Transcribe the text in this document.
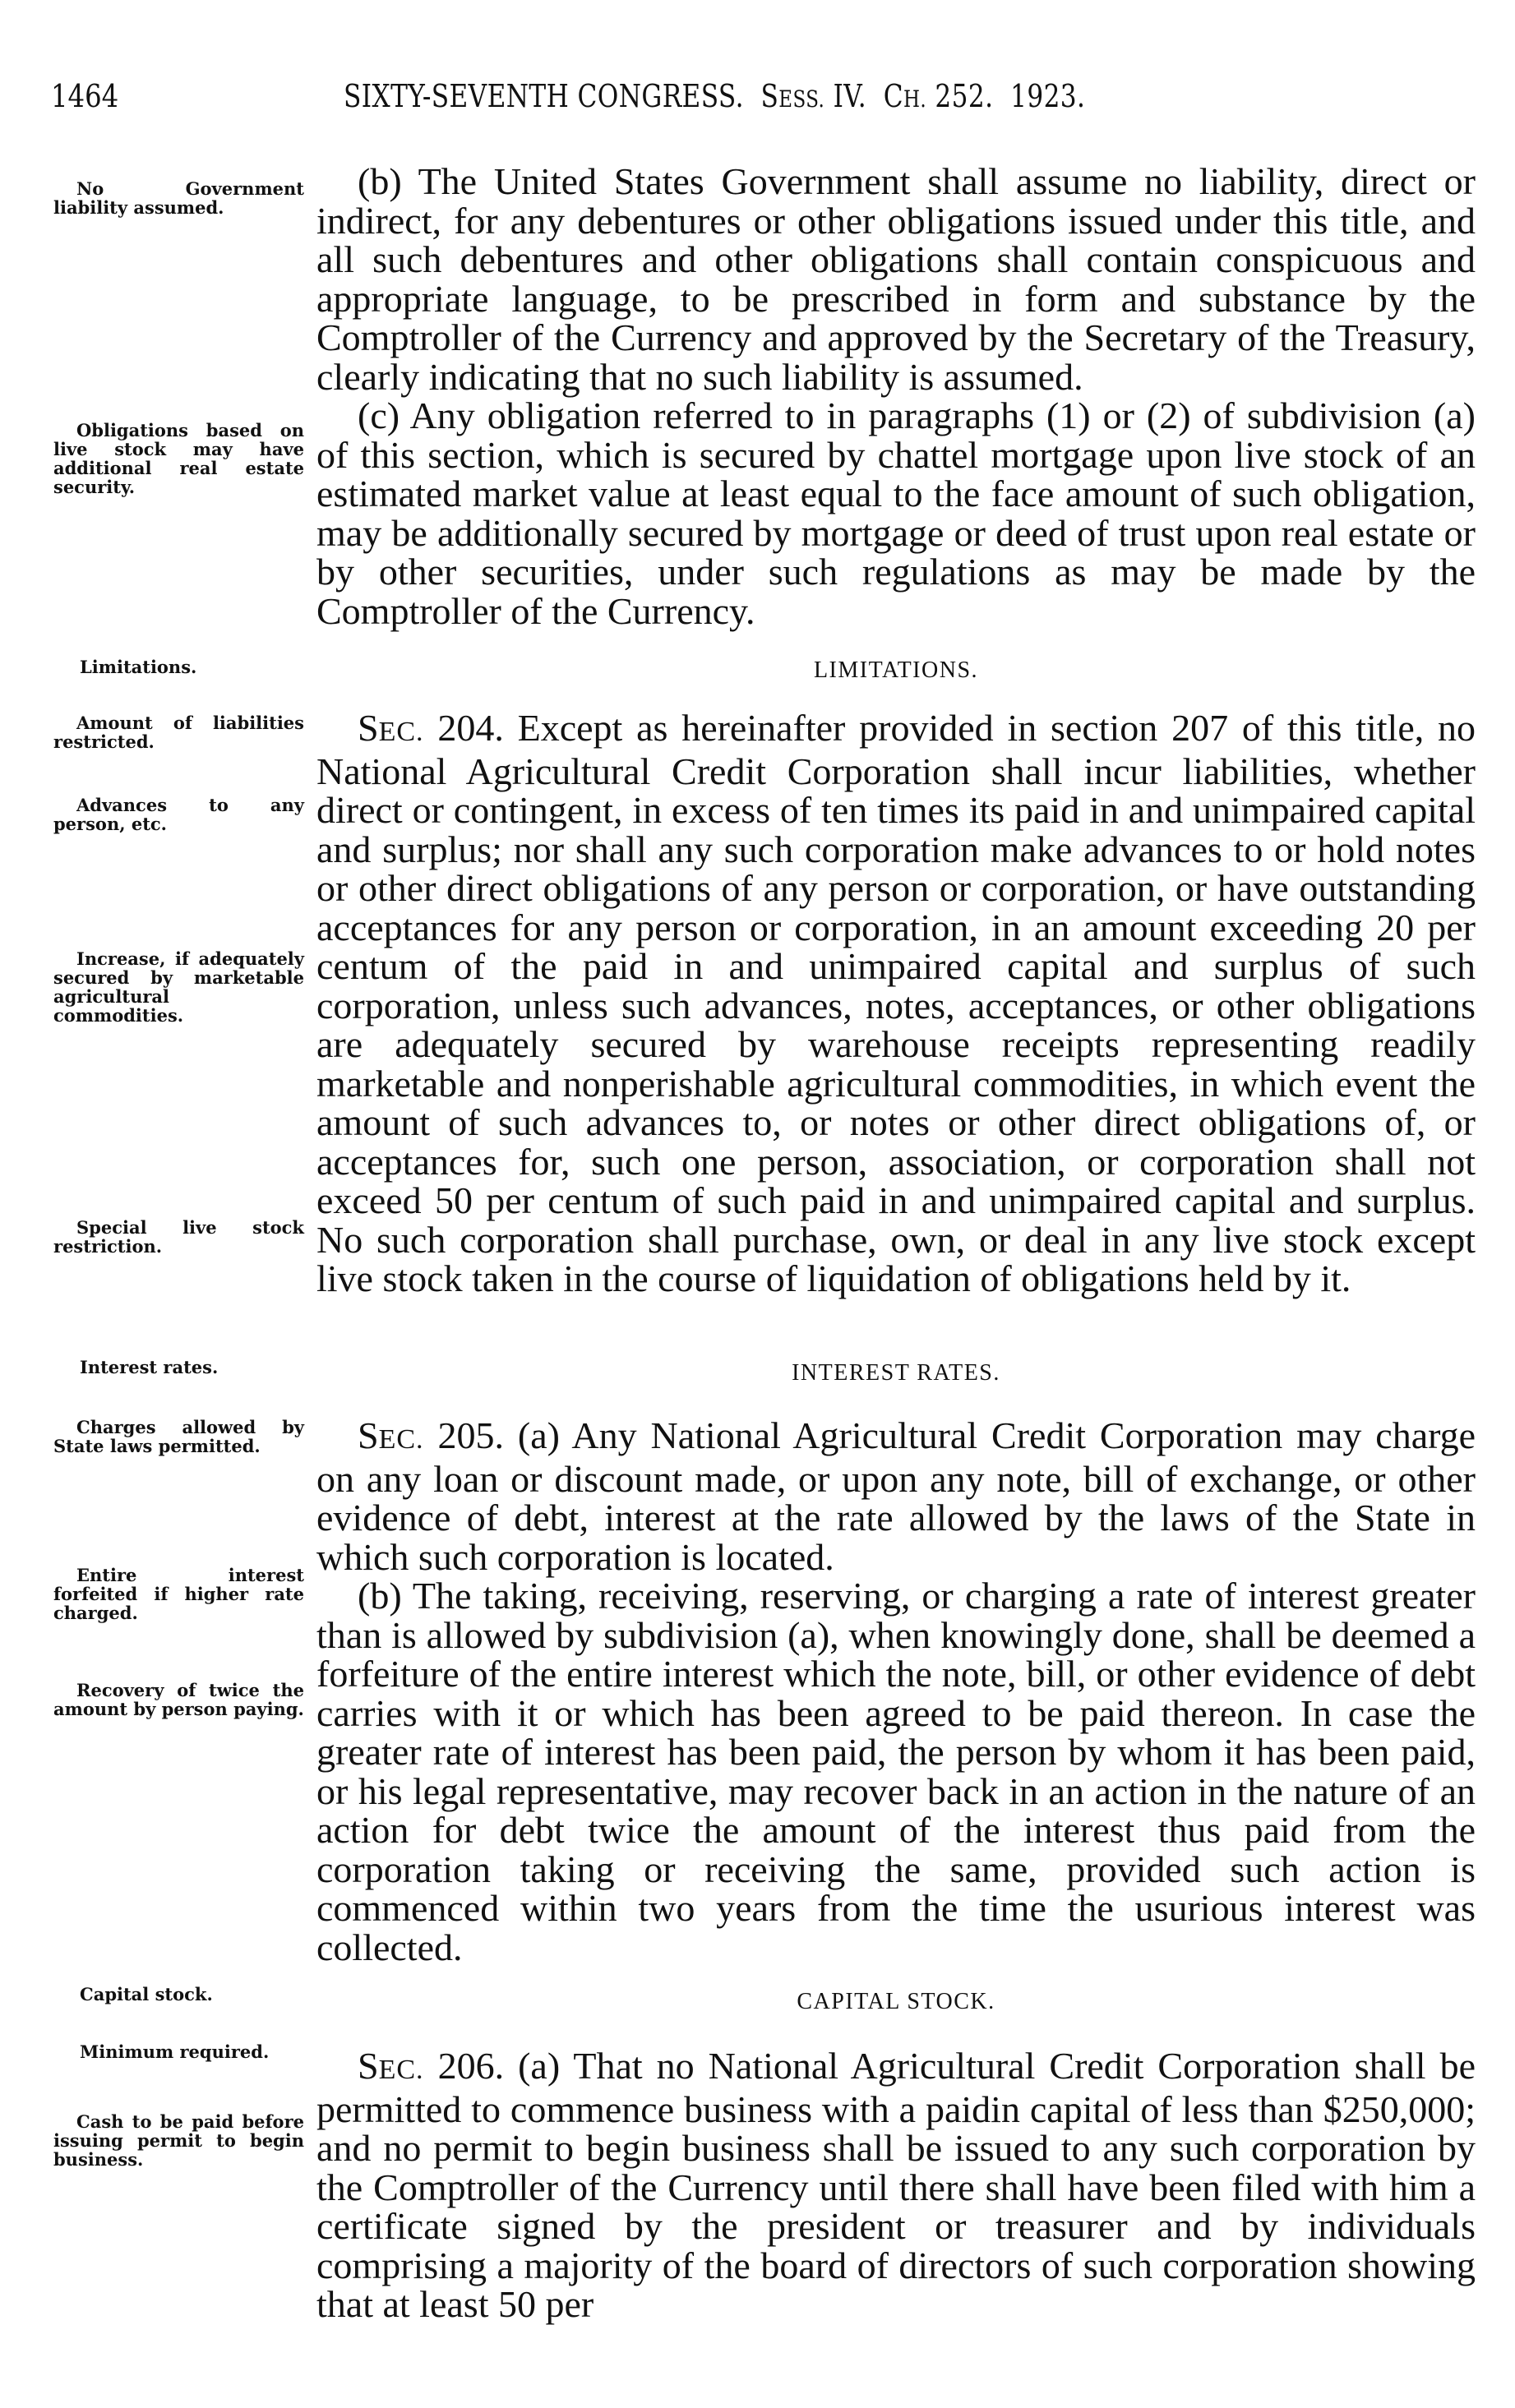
1464	SIXTY-SEVENTH CONGRESS. SESS. IV. CH. 252. 1923.
No Government liability assumed.
Obligations based on live stock may have additional real estate security.
Limitations.
Amount of liabilities restricted.
Advances to any person, etc.
Increase, if adequately secured by marketable agricultural commodities.
Special live stock restriction.
Interest rates.
Charges allowed by State laws permitted.
Entire interest forfeited if higher rate charged.
Recovery of twice the amount by person paying.
Capital stock.
Minimum required.
Cash to be paid before issuing permit to begin business.

(b) The United States Government shall assume no liability, direct or indirect, for any debentures or other obligations issued under this title, and all such debentures and other obligations shall contain conspicuous and appropriate language, to be prescribed in form and substance by the Comptroller of the Currency and approved by the Secretary of the Treasury, clearly indicating that no such liability is assumed.

(c) Any obligation referred to in paragraphs (1) or (2) of subdivision (a) of this section, which is secured by chattel mortgage upon live stock of an estimated market value at least equal to the face amount of such obligation, may be additionally secured by mortgage or deed of trust upon real estate or by other securities, under such regulations as may be made by the Comptroller of the Currency.

LIMITATIONS.

SEC. 204. Except as hereinafter provided in section 207 of this title, no National Agricultural Credit Corporation shall incur liabilities, whether direct or contingent, in excess of ten times its paid in and unimpaired capital and surplus; nor shall any such corporation make advances to or hold notes or other direct obligations of any person or corporation, or have outstanding acceptances for any person or corporation, in an amount exceeding 20 per centum of the paid in and unimpaired capital and surplus of such corporation, unless such advances, notes, acceptances, or other obligations are adequately secured by warehouse receipts representing readily marketable and nonperishable agricultural commodities, in which event the amount of such advances to, or notes or other direct obligations of, or acceptances for, such one person, association, or corporation shall not exceed 50 per centum of such paid in and unimpaired capital and surplus. No such corporation shall purchase, own, or deal in any live stock except live stock taken in the course of liquidation of obligations held by it.

INTEREST RATES.

SEC. 205. (a) Any National Agricultural Credit Corporation may charge on any loan or discount made, or upon any note, bill of exchange, or other evidence of debt, interest at the rate allowed by the laws of the State in which such corporation is located.

(b) The taking, receiving, reserving, or charging a rate of interest greater than is allowed by subdivision (a), when knowingly done, shall be deemed a forfeiture of the entire interest which the note, bill, or other evidence of debt carries with it or which has been agreed to be paid thereon. In case the greater rate of interest has been paid, the person by whom it has been paid, or his legal representative, may recover back in an action in the nature of an action for debt twice the amount of the interest thus paid from the corporation taking or receiving the same, provided such action is commenced within two years from the time the usurious interest was collected.

CAPITAL STOCK.

SEC. 206. (a) That no National Agricultural Credit Corporation shall be permitted to commence business with a paidin capital of less than $250,000; and no permit to begin business shall be issued to any such corporation by the Comptroller of the Currency until there shall have been filed with him a certificate signed by the president or treasurer and by individuals comprising a majority of the board of directors of such corporation showing that at least 50 per
